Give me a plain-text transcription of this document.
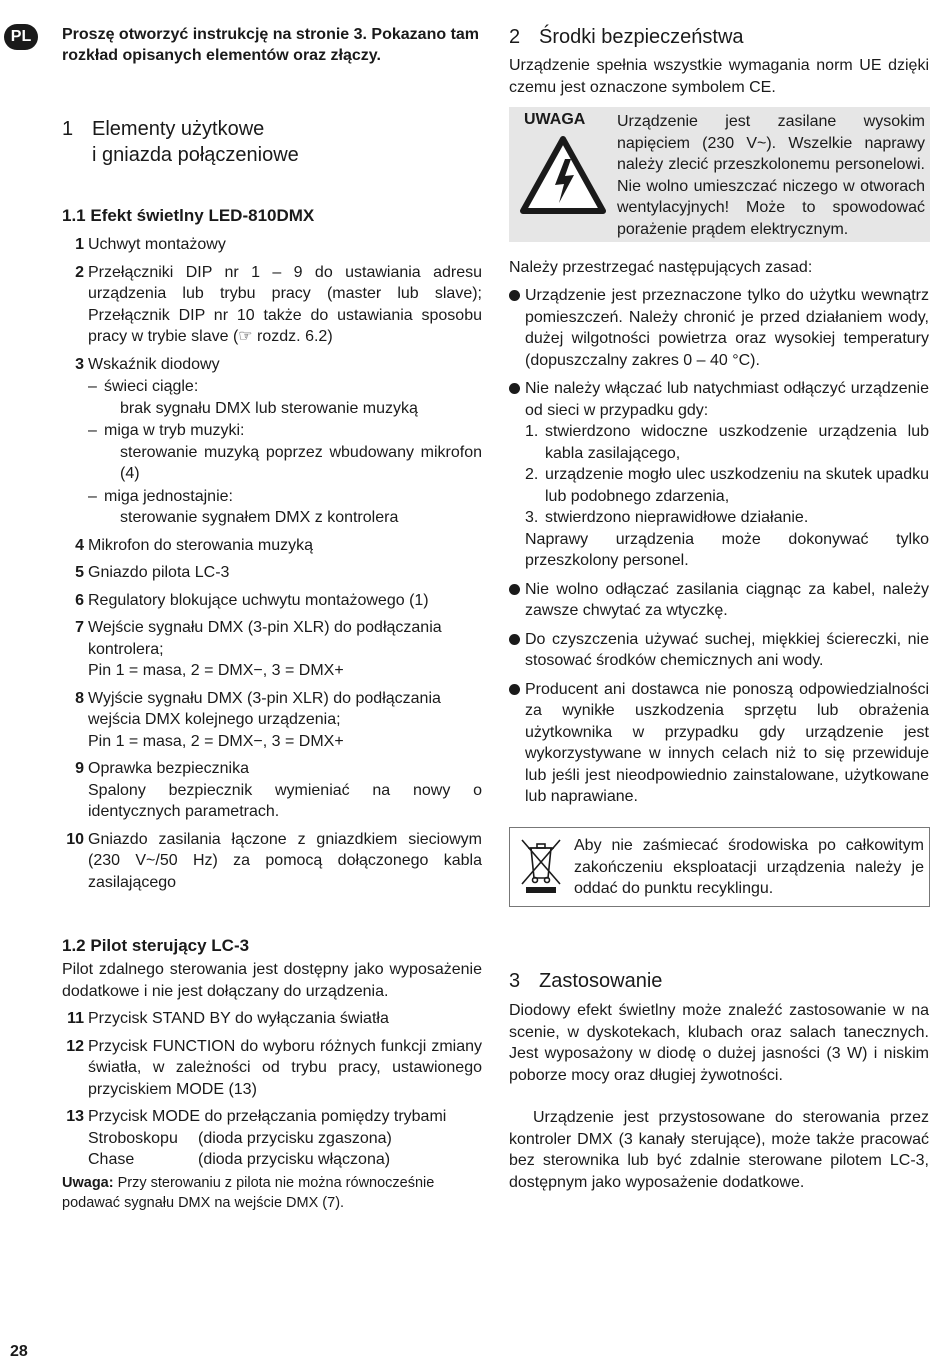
PL	Proszę otworzyć instrukcję na stronie 3. Pokazano tam rozkład opisanych elementów oraz złączy.
1 Elementy użytkowe
i gniazda połączeniowe
1.1 Efekt świetlny LED-810DMX
1 Uchwyt montażowy
2 Przełączniki DIP nr 1 – 9 do ustawiania adresu urządzenia lub trybu pracy (master lub slave); Przełącznik DIP nr 10 także do ustawiania sposobu pracy w trybie slave (☞ rozdz. 6.2)
3 Wskaźnik diodowy
– świeci ciągle:
brak sygnału DMX lub sterowanie muzyką
– miga w tryb muzyki:
sterowanie muzyką poprzez wbudowany mikrofon (4)
– miga jednostajnie:
sterowanie sygnałem DMX z kontrolera
4 Mikrofon do sterowania muzyką
5 Gniazdo pilota LC-3
6 Regulatory blokujące uchwytu montażowego (1)
7 Wejście sygnału DMX (3-pin XLR) do podłączania kontrolera;
Pin 1 = masa, 2 = DMX−, 3 = DMX+
8 Wyjście sygnału DMX (3-pin XLR) do podłączania wejścia DMX kolejnego urządzenia;
Pin 1 = masa, 2 = DMX−, 3 = DMX+
9 Oprawka bezpiecznika
Spalony bezpiecznik wymieniać na nowy o identycznych parametrach.
10 Gniazdo zasilania łączone z gniazdkiem sieciowym (230 V~/50 Hz) za pomocą dołączonego kabla zasilającego
1.2 Pilot sterujący LC-3
Pilot zdalnego sterowania jest dostępny jako wyposażenie dodatkowe i nie jest dołączany do urządzenia.
11 Przycisk STAND BY do wyłączania światła
12 Przycisk FUNCTION do wyboru różnych funkcji zmiany światła, w zależności od trybu pracy, ustawionego przyciskiem MODE (13)
13 Przycisk MODE do przełączania pomiędzy trybami
Stroboskopu	(dioda przycisku zgaszona)
Chase	(dioda przycisku włączona)
Uwaga: Przy sterowaniu z pilota nie można równocześnie podawać sygnału DMX na wejście DMX (7).
2 Środki bezpieczeństwa
Urządzenie spełnia wszystkie wymagania norm UE dzięki czemu jest oznaczone symbolem CE.
UWAGA Urządzenie jest zasilane wysokim napięciem (230 V~). Wszelkie naprawy należy zlecić przeszkolonemu personelowi. Nie wolno umieszczać niczego w otworach wentylacyjnych! Może to spowodować porażenie prądem elektrycznym.
Należy przestrzegać następujących zasad:
Urządzenie jest przeznaczone tylko do użytku wewnątrz pomieszczeń. Należy chronić je przed działaniem wody, dużej wilgotności powietrza oraz wysokiej temperatury (dopuszczalny zakres 0 – 40 °C).
Nie należy włączać lub natychmiast odłączyć urządzenie od sieci w przypadku gdy:
1. stwierdzono widoczne uszkodzenie urządzenia lub kabla zasilającego,
2. urządzenie mogło ulec uszkodzeniu na skutek upadku lub podobnego zdarzenia,
3. stwierdzono nieprawidłowe działanie.
Naprawy urządzenia może dokonywać tylko przeszkolony personel.
Nie wolno odłączać zasilania ciągnąc za kabel, należy zawsze chwytać za wtyczkę.
Do czyszczenia używać suchej, miękkiej ściereczki, nie stosować środków chemicznych ani wody.
Producent ani dostawca nie ponoszą odpowiedzialności za wynikłe uszkodzenia sprzętu lub obrażenia użytkownika w przypadku gdy urządzenie jest wykorzystywane w innych celach niż to się przewiduje lub jeśli jest nieodpowiednio zainstalowane, użytkowane lub naprawiane.
Aby nie zaśmiecać środowiska po całkowitym zakończeniu eksploatacji urządzenia należy je oddać do punktu recyklingu.
3 Zastosowanie
Diodowy efekt świetlny może znaleźć zastosowanie w na scenie, w dyskotekach, klubach oraz salach tanecznych. Jest wyposażony w diodę o dużej jasności (3 W) i niskim poborze mocy oraz długiej żywotności.
Urządzenie jest przystosowane do sterowania przez kontroler DMX (3 kanały sterujące), może także pracować bez sterownika lub być zdalnie sterowane pilotem LC-3, dostępnym jako wyposażenie dodatkowe.
28
